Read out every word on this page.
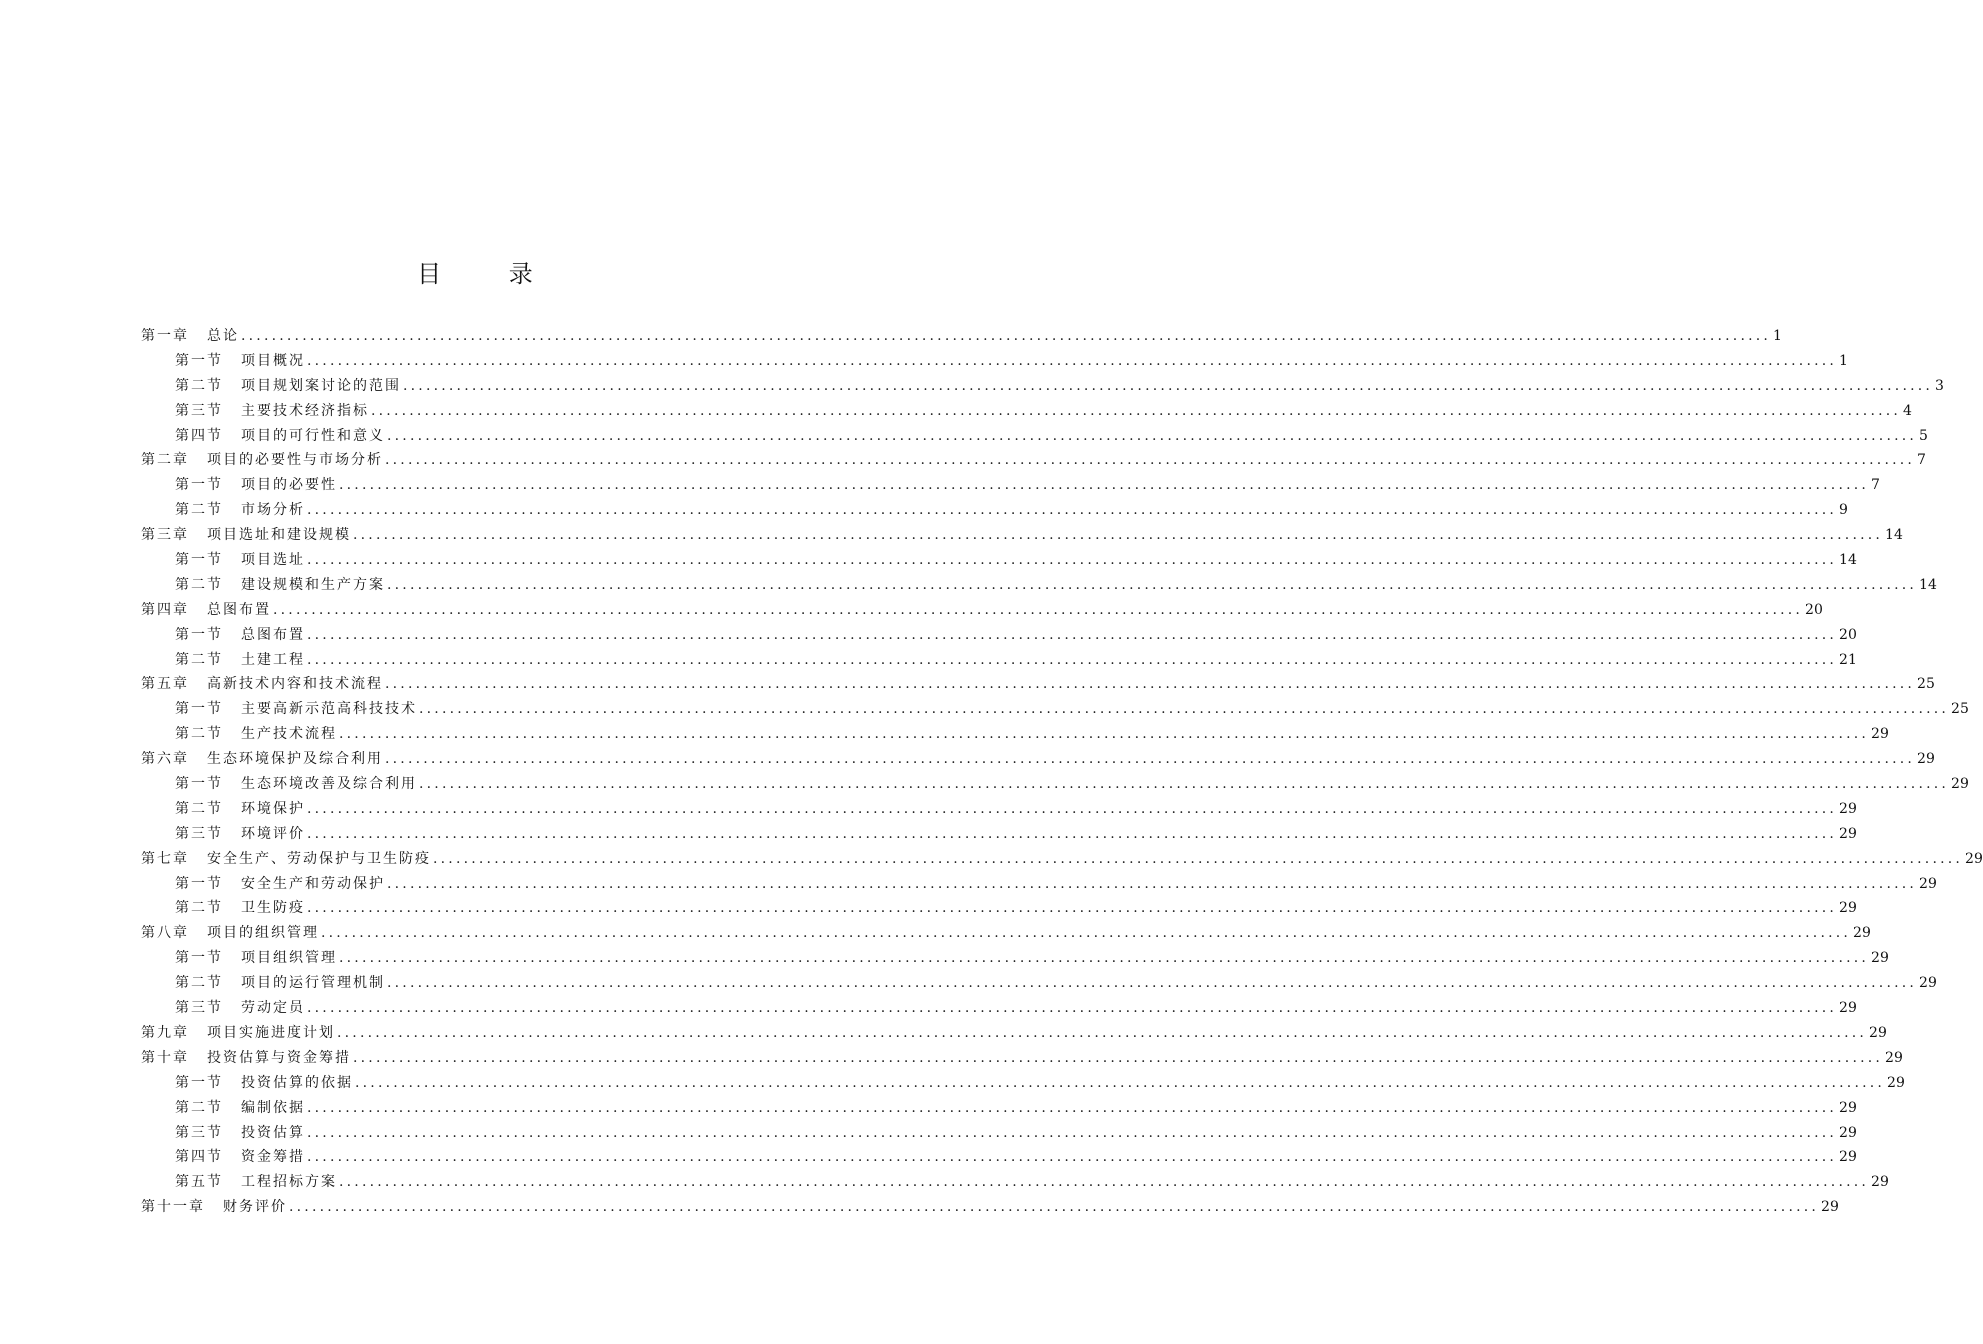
目 录
第一章 总论 ........................................................................................................................................................................................................ 1
第一节 项目概况 ........................................................................................................................................................................................................ 1
第二节 项目规划案讨论的范围 ........................................................................................................................................................................................................ 3
第三节 主要技术经济指标 ........................................................................................................................................................................................................ 4
第四节 项目的可行性和意义 ........................................................................................................................................................................................................ 5
第二章 项目的必要性与市场分析 ........................................................................................................................................................................................................ 7
第一节 项目的必要性 ........................................................................................................................................................................................................ 7
第二节 市场分析 ........................................................................................................................................................................................................ 9
第三章 项目选址和建设规模 ........................................................................................................................................................................................................ 14
第一节 项目选址 ........................................................................................................................................................................................................ 14
第二节 建设规模和生产方案 ........................................................................................................................................................................................................ 14
第四章 总图布置 ........................................................................................................................................................................................................ 20
第一节 总图布置 ........................................................................................................................................................................................................ 20
第二节 土建工程 ........................................................................................................................................................................................................ 21
第五章 高新技术内容和技术流程 ........................................................................................................................................................................................................ 25
第一节 主要高新示范高科技技术 ........................................................................................................................................................................................................ 25
第二节 生产技术流程 ........................................................................................................................................................................................................ 29
第六章 生态环境保护及综合利用 ........................................................................................................................................................................................................ 29
第一节 生态环境改善及综合利用 ........................................................................................................................................................................................................ 29
第二节 环境保护 ........................................................................................................................................................................................................ 29
第三节 环境评价 ........................................................................................................................................................................................................ 29
第七章 安全生产、劳动保护与卫生防疫 ........................................................................................................................................................................................................ 29
第一节 安全生产和劳动保护 ........................................................................................................................................................................................................ 29
第二节 卫生防疫 ........................................................................................................................................................................................................ 29
第八章 项目的组织管理 ........................................................................................................................................................................................................ 29
第一节 项目组织管理 ........................................................................................................................................................................................................ 29
第二节 项目的运行管理机制 ........................................................................................................................................................................................................ 29
第三节 劳动定员 ........................................................................................................................................................................................................ 29
第九章 项目实施进度计划 ........................................................................................................................................................................................................ 29
第十章 投资估算与资金筹措 ........................................................................................................................................................................................................ 29
第一节 投资估算的依据 ........................................................................................................................................................................................................ 29
第二节 编制依据 ........................................................................................................................................................................................................ 29
第三节 投资估算 ........................................................................................................................................................................................................ 29
第四节 资金筹措 ........................................................................................................................................................................................................ 29
第五节 工程招标方案 ........................................................................................................................................................................................................ 29
第十一章 财务评价 ........................................................................................................................................................................................................ 29
